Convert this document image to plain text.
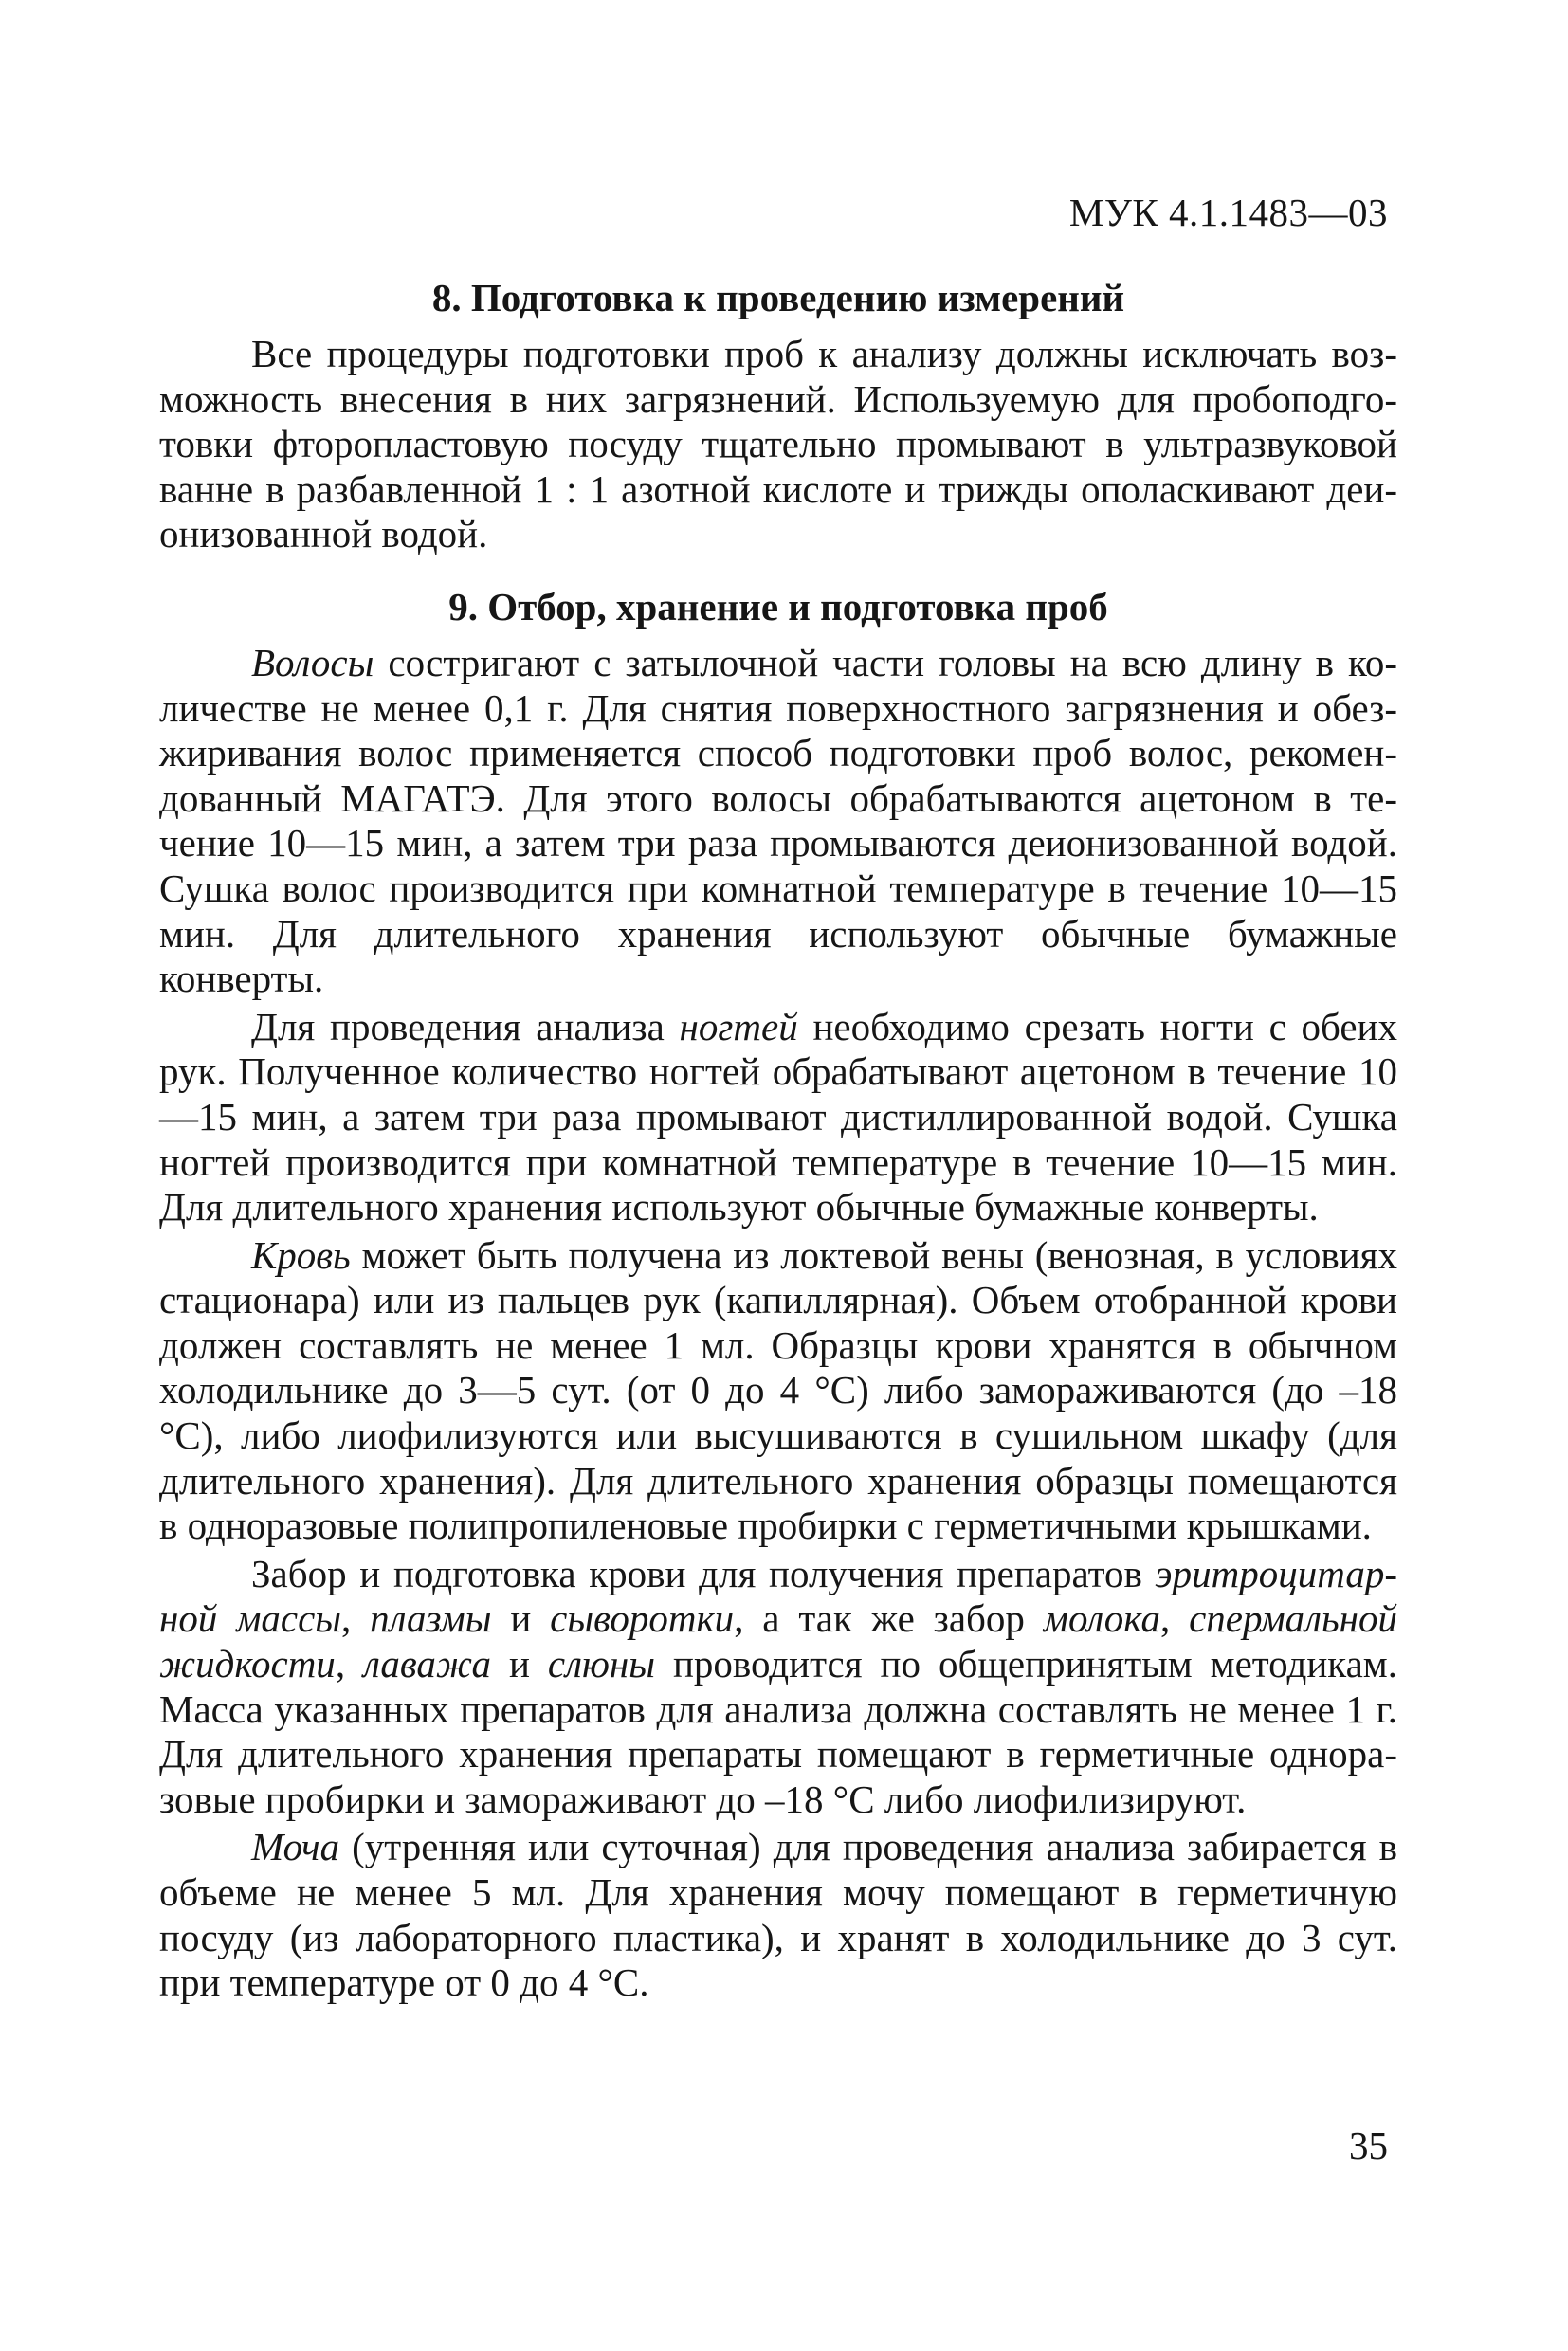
МУК 4.1.1483—03
8. Подготовка к проведению измерений

Все процедуры подготовки проб к анализу должны исключать возможность внесения в них загрязнений. Используемую для пробоподготовки фторопластовую посуду тщательно промывают в ультразвуковой ванне в разбавленной 1 : 1 азотной кислоте и трижды ополаскивают деионизованной водой.

9. Отбор, хранение и подготовка проб

Волосы состригают с затылочной части головы на всю длину в количестве не менее 0,1 г. Для снятия поверхностного загрязнения и обезжиривания волос применяется способ подготовки проб волос, рекомендованный МАГАТЭ. Для этого волосы обрабатываются ацетоном в течение 10—15 мин, а затем три раза промываются деионизованной водой. Сушка волос производится при комнатной температуре в течение 10—15 мин. Для длительного хранения используют обычные бумажные конверты.

Для проведения анализа ногтей необходимо срезать ногти с обеих рук. Полученное количество ногтей обрабатывают ацетоном в течение 10—15 мин, а затем три раза промывают дистиллированной водой. Сушка ногтей производится при комнатной температуре в течение 10—15 мин. Для длительного хранения используют обычные бумажные конверты.

Кровь может быть получена из локтевой вены (венозная, в условиях стационара) или из пальцев рук (капиллярная). Объем отобранной крови должен составлять не менее 1 мл. Образцы крови хранятся в обычном холодильнике до 3—5 сут. (от 0 до 4 °С) либо замораживаются (до –18 °С), либо лиофилизуются или высушиваются в сушильном шкафу (для длительного хранения). Для длительного хранения образцы помещаются в одноразовые полипропиленовые пробирки с герметичными крышками.

Забор и подготовка крови для получения препаратов эритроцитарной массы, плазмы и сыворотки, а так же забор молока, спермальной жидкости, лаважа и слюны проводится по общепринятым методикам. Масса указанных препаратов для анализа должна составлять не менее 1 г. Для длительного хранения препараты помещают в герметичные одноразовые пробирки и замораживают до –18 °С либо лиофилизируют.

Моча (утренняя или суточная) для проведения анализа забирается в объеме не менее 5 мл. Для хранения мочу помещают в герметичную посуду (из лабораторного пластика), и хранят в холодильнике до 3 сут. при температуре от 0 до 4 °С.

35
